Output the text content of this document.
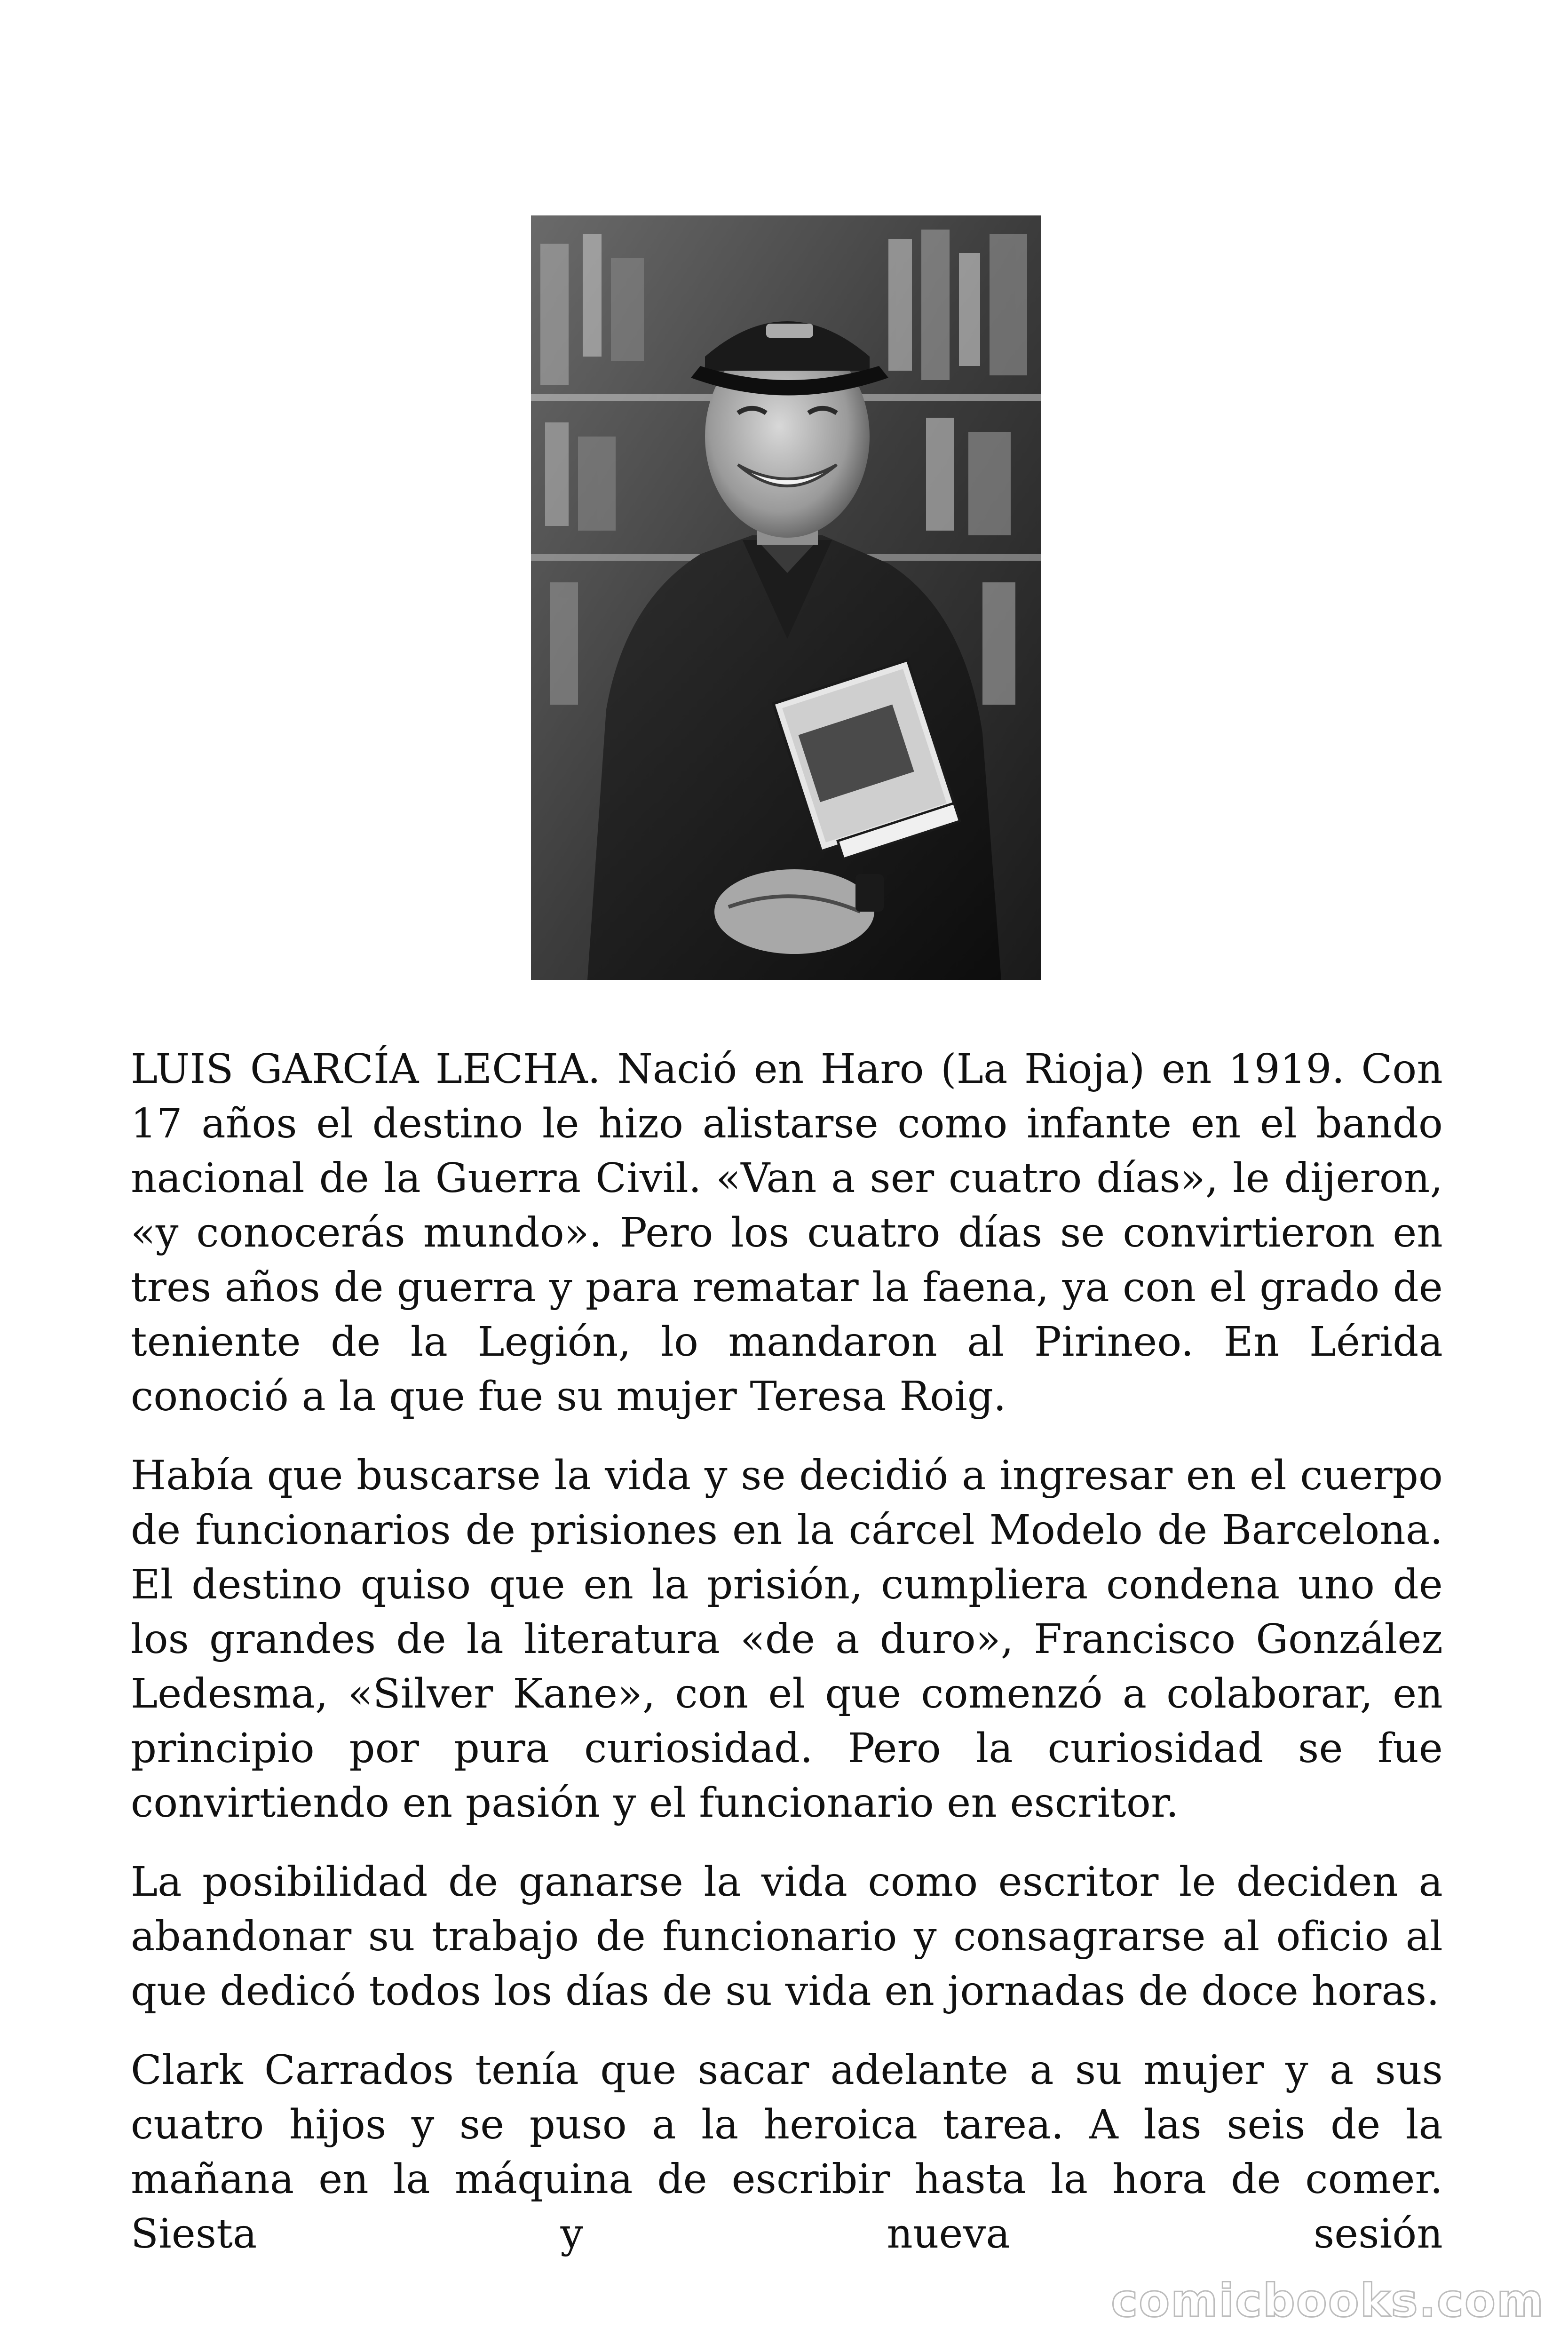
LUIS GARCÍA LECHA. Nació en Haro (La Rioja) en 1919. Con 17 años el destino le hizo alistarse como infante en el bando nacional de la Guerra Civil. «Van a ser cuatro días», le dijeron, «y conocerás mundo». Pero los cuatro días se convirtieron en tres años de guerra y para rematar la faena, ya con el grado de teniente de la Legión, lo mandaron al Pirineo. En Lérida conoció a la que fue su mujer Teresa Roig.

Había que buscarse la vida y se decidió a ingresar en el cuerpo de funcionarios de prisiones en la cárcel Modelo de Barcelona. El destino quiso que en la prisión, cumpliera condena uno de los grandes de la literatura «de a duro», Francisco González Ledesma, «Silver Kane», con el que comenzó a colaborar, en principio por pura curiosidad. Pero la curiosidad se fue convirtiendo en pasión y el funcionario en escritor.

La posibilidad de ganarse la vida como escritor le deciden a abandonar su trabajo de funcionario y consagrarse al oficio al que dedicó todos los días de su vida en jornadas de doce horas.

Clark Carrados tenía que sacar adelante a su mujer y a sus cuatro hijos y se puso a la heroica tarea. A las seis de la mañana en la máquina de escribir hasta la hora de comer. Siesta y nueva sesión

comicbooks.com
